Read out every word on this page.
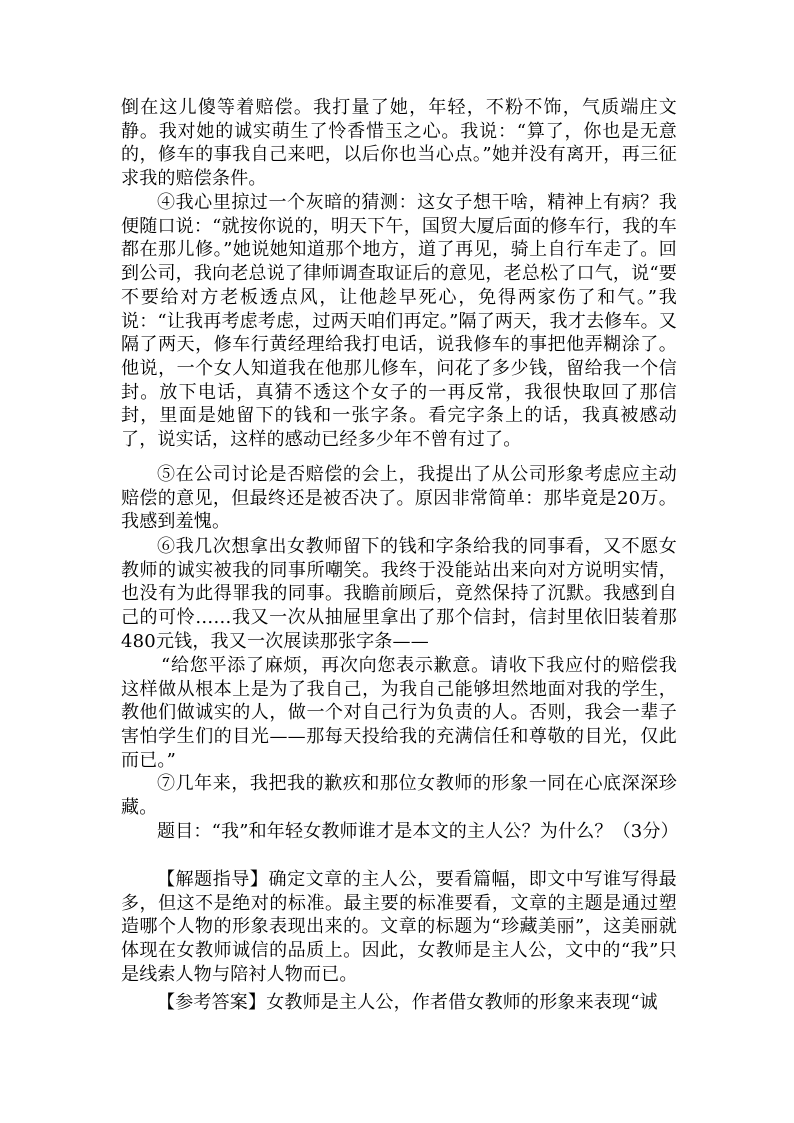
倒在这儿傻等着赔偿。我打量了她，年轻，不粉不饰，气质端庄文静。我对她的诚实萌生了怜香惜玉之心。我说：“算了，你也是无意的，修车的事我自己来吧，以后你也当心点。”她并没有离开，再三征求我的赔偿条件。

④我心里掠过一个灰暗的猜测：这女子想干啥，精神上有病？我便随口说：“就按你说的，明天下午，国贸大厦后面的修车行，我的车都在那儿修。”她说她知道那个地方，道了再见，骑上自行车走了。回到公司，我向老总说了律师调查取证后的意见，老总松了口气，说“要不要给对方老板透点风，让他趁早死心，免得两家伤了和气。”我说：“让我再考虑考虑，过两天咱们再定。”隔了两天，我才去修车。又隔了两天，修车行黄经理给我打电话，说我修车的事把他弄糊涂了。他说，一个女人知道我在他那儿修车，问花了多少钱，留给我一个信封。放下电话，真猜不透这个女子的一再反常，我很快取回了那信封，里面是她留下的钱和一张字条。看完字条上的话，我真被感动了，说实话，这样的感动已经多少年不曾有过了。

⑤在公司讨论是否赔偿的会上，我提出了从公司形象考虑应主动赔偿的意见，但最终还是被否决了。原因非常简单：那毕竟是20万。我感到羞愧。

⑥我几次想拿出女教师留下的钱和字条给我的同事看，又不愿女教师的诚实被我的同事所嘲笑。我终于没能站出来向对方说明实情，也没有为此得罪我的同事。我瞻前顾后，竟然保持了沉默。我感到自己的可怜……我又一次从抽屉里拿出了那个信封，信封里依旧装着那480元钱，我又一次展读那张字条——

“给您平添了麻烦，再次向您表示歉意。请收下我应付的赔偿我这样做从根本上是为了我自己，为我自己能够坦然地面对我的学生，教他们做诚实的人，做一个对自己行为负责的人。否则，我会一辈子害怕学生们的目光——那每天投给我的充满信任和尊敬的目光，仅此而已。”

⑦几年来，我把我的歉疚和那位女教师的形象一同在心底深深珍藏。

题目：“我”和年轻女教师谁才是本文的主人公？为什么？（3分）

【解题指导】确定文章的主人公，要看篇幅，即文中写谁写得最多，但这不是绝对的标准。最主要的标准要看，文章的主题是通过塑造哪个人物的形象表现出来的。文章的标题为“珍藏美丽”，这美丽就体现在女教师诚信的品质上。因此，女教师是主人公，文中的“我”只是线索人物与陪衬人物而已。

【参考答案】女教师是主人公，作者借女教师的形象来表现“诚
